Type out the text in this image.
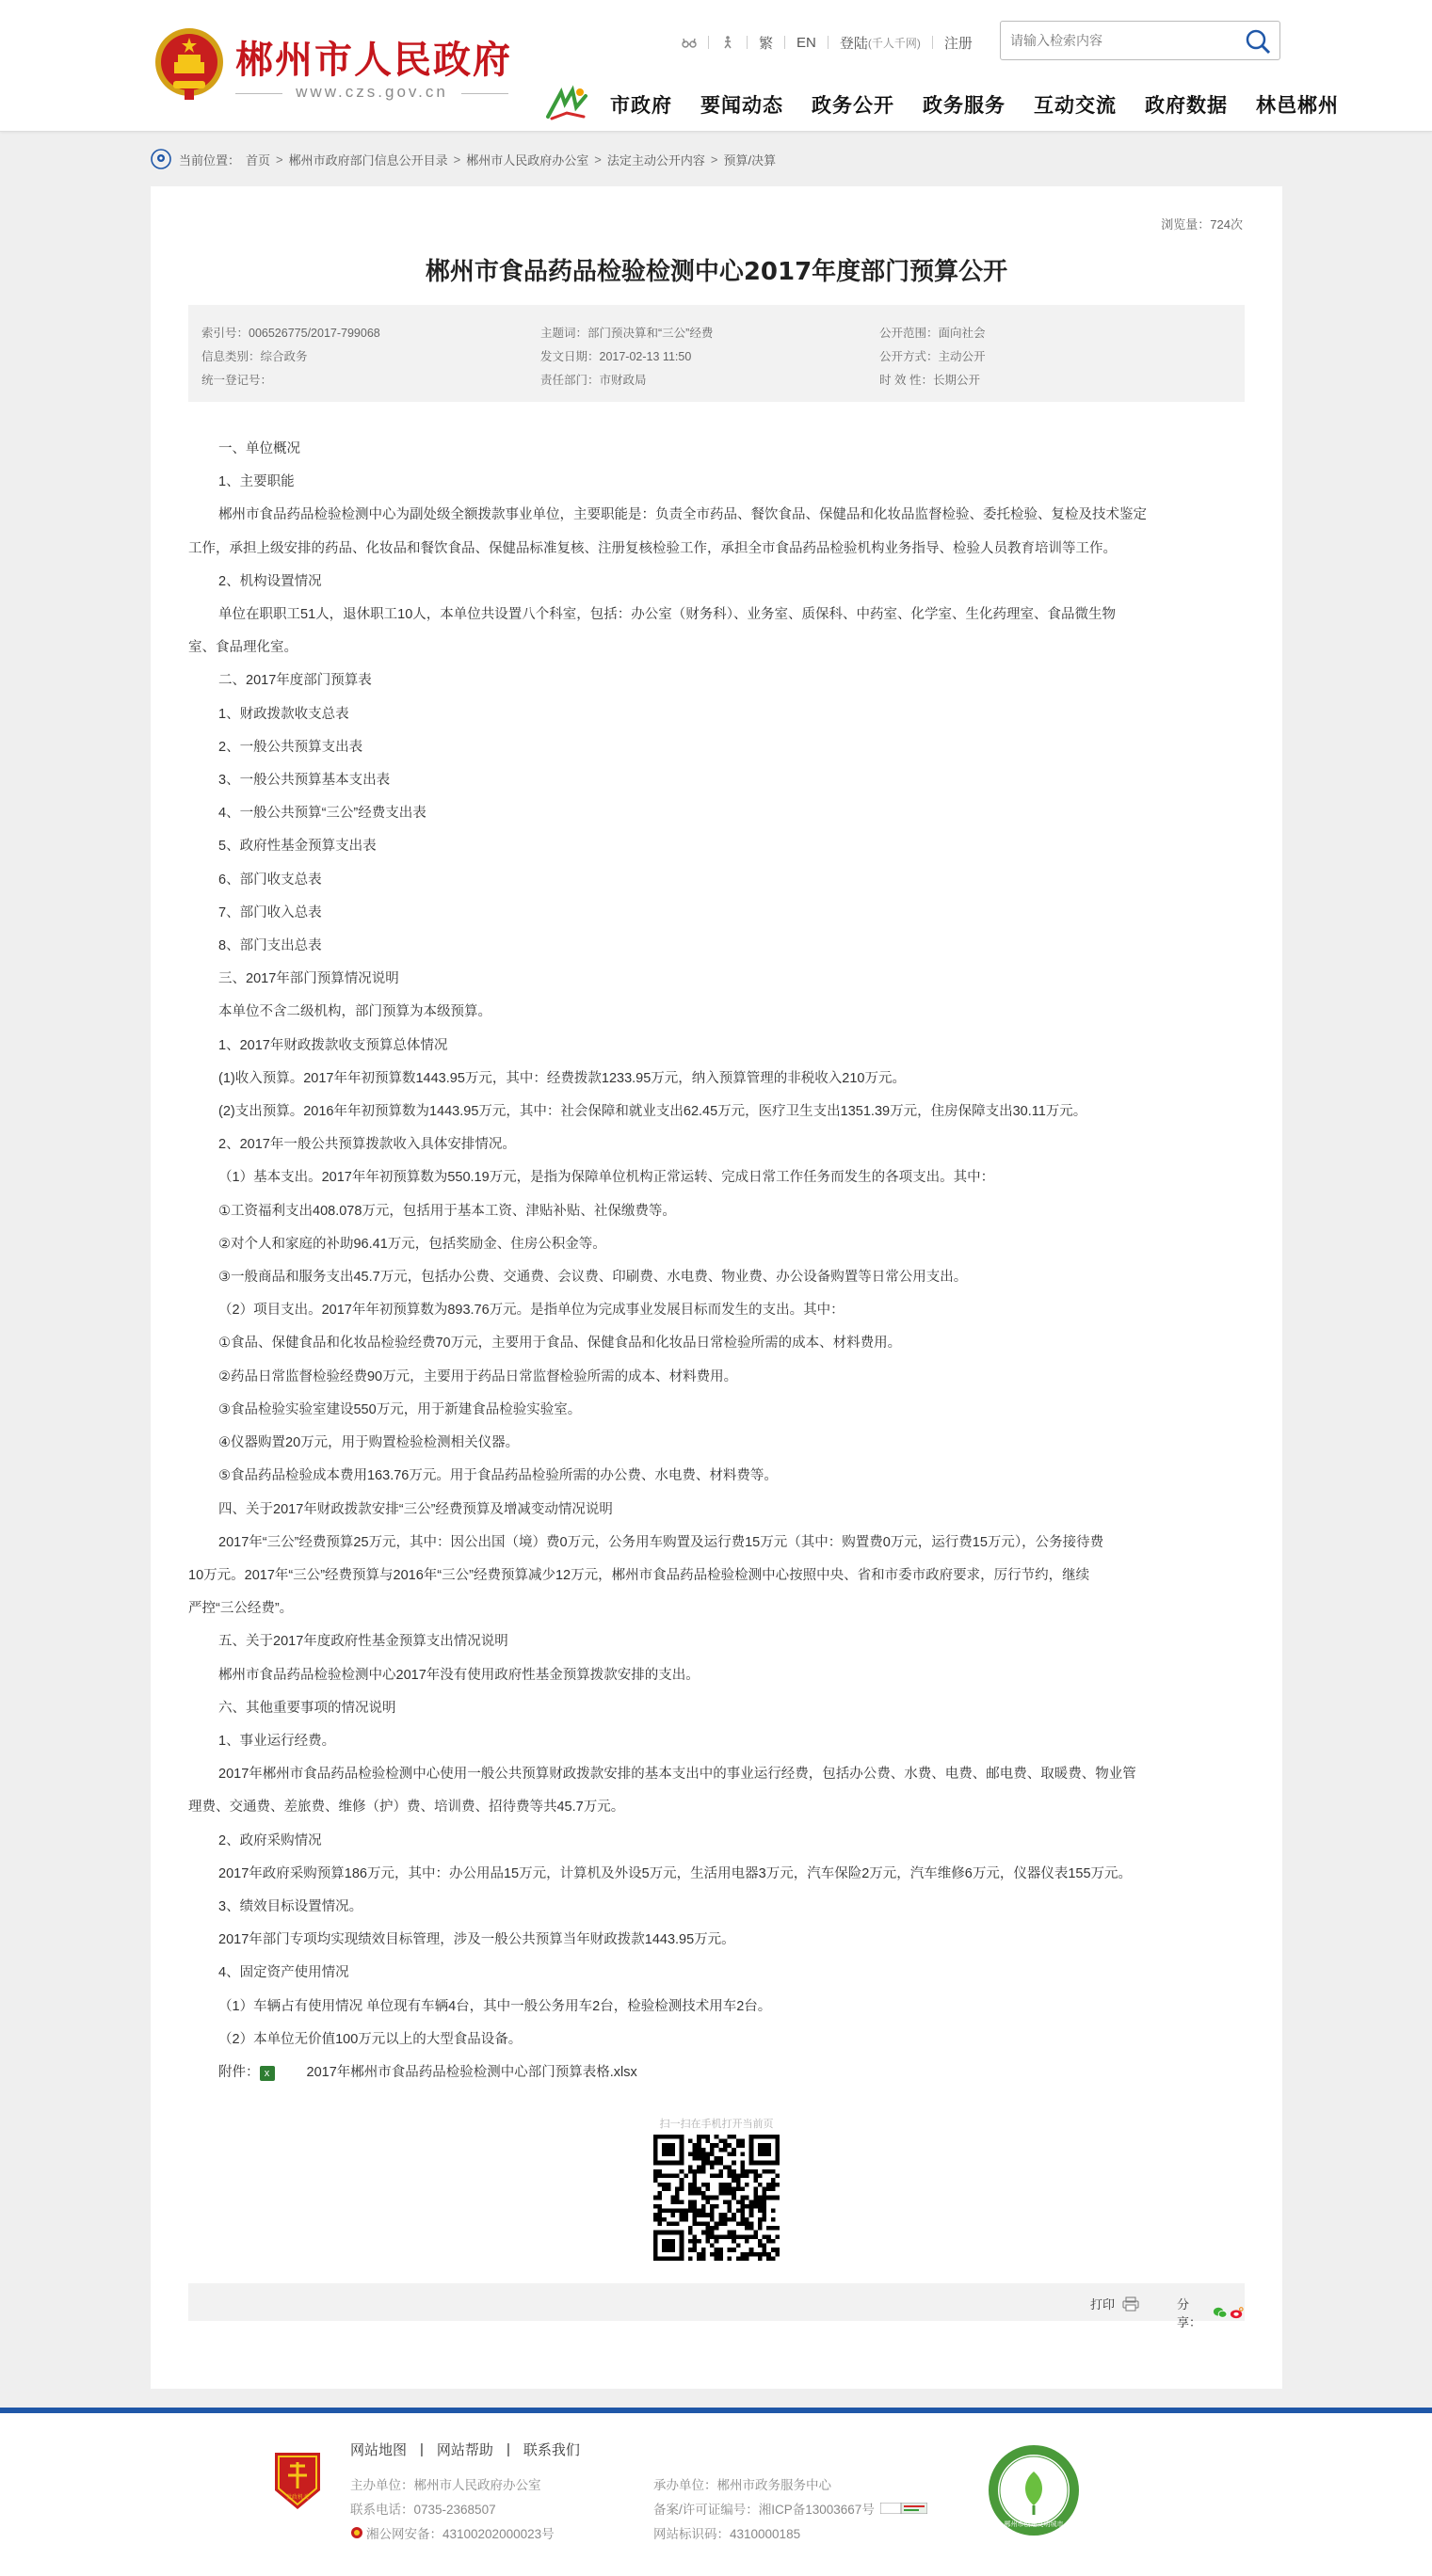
郴州市人民政府
www.czs.gov.cn
繁 EN 登陆 (千人千网) 注册
请输入检索内容
市政府 要闻动态 政务公开 政务服务 互动交流 政府数据 林邑郴州
当前位置： 首页 > 郴州市政府部门信息公开目录 > 郴州市人民政府办公室 > 法定主动公开内容 > 预算/决算
浏览量：724次
郴州市食品药品检验检测中心2017年度部门预算公开
索引号：006526775/2017-799068
信息类别：综合政务
统一登记号：
主题词：部门预决算和“三公”经费
发文日期：2017-02-13 11:50
责任部门：市财政局
公开范围：面向社会
公开方式：主动公开
时 效 性：长期公开

一、单位概况

1、主要职能

郴州市食品药品检验检测中心为副处级全额拨款事业单位，主要职能是：负责全市药品、餐饮食品、保健品和化妆品监督检验、委托检验、复检及技术鉴定

工作，承担上级安排的药品、化妆品和餐饮食品、保健品标准复核、注册复核检验工作，承担全市食品药品检验机构业务指导、检验人员教育培训等工作。

2、机构设置情况

单位在职职工51人，退休职工10人，本单位共设置八个科室，包括：办公室（财务科）、业务室、质保科、中药室、化学室、生化药理室、食品微生物

室、食品理化室。

二、2017年度部门预算表

1、财政拨款收支总表

2、一般公共预算支出表

3、一般公共预算基本支出表

4、一般公共预算“三公”经费支出表

5、政府性基金预算支出表

6、部门收支总表

7、部门收入总表

8、部门支出总表

三、2017年部门预算情况说明

本单位不含二级机构，部门预算为本级预算。

1、2017年财政拨款收支预算总体情况

(1)收入预算。2017年年初预算数1443.95万元，其中：经费拨款1233.95万元，纳入预算管理的非税收入210万元。

(2)支出预算。2016年年初预算数为1443.95万元，其中：社会保障和就业支出62.45万元，医疗卫生支出1351.39万元，住房保障支出30.11万元。

2、2017年一般公共预算拨款收入具体安排情况。

（1）基本支出。2017年年初预算数为550.19万元，是指为保障单位机构正常运转、完成日常工作任务而发生的各项支出。其中：

①工资福利支出408.078万元，包括用于基本工资、津贴补贴、社保缴费等。

②对个人和家庭的补助96.41万元，包括奖励金、住房公积金等。

③一般商品和服务支出45.7万元，包括办公费、交通费、会议费、印刷费、水电费、物业费、办公设备购置等日常公用支出。

（2）项目支出。2017年年初预算数为893.76万元。是指单位为完成事业发展目标而发生的支出。其中：

①食品、保健食品和化妆品检验经费70万元，主要用于食品、保健食品和化妆品日常检验所需的成本、材料费用。

②药品日常监督检验经费90万元，主要用于药品日常监督检验所需的成本、材料费用。

③食品检验实验室建设550万元，用于新建食品检验实验室。

④仪器购置20万元，用于购置检验检测相关仪器。

⑤食品药品检验成本费用163.76万元。用于食品药品检验所需的办公费、水电费、材料费等。

四、关于2017年财政拨款安排“三公”经费预算及增减变动情况说明

2017年“三公”经费预算25万元，其中：因公出国（境）费0万元，公务用车购置及运行费15万元（其中：购置费0万元，运行费15万元），公务接待费

10万元。2017年“三公”经费预算与2016年“三公”经费预算减少12万元，郴州市食品药品检验检测中心按照中央、省和市委市政府要求，厉行节约，继续

严控“三公经费”。

五、关于2017年度政府性基金预算支出情况说明

郴州市食品药品检验检测中心2017年没有使用政府性基金预算拨款安排的支出。

六、其他重要事项的情况说明

1、事业运行经费。

2017年郴州市食品药品检验检测中心使用一般公共预算财政拨款安排的基本支出中的事业运行经费，包括办公费、水费、电费、邮电费、取暖费、物业管

理费、交通费、差旅费、维修（护）费、培训费、招待费等共45.7万元。

2、政府采购情况

2017年政府采购预算186万元，其中：办公用品15万元，计算机及外设5万元，生活用电器3万元，汽车保险2万元，汽车维修6万元，仪器仪表155万元。

3、绩效目标设置情况。

2017年部门专项均实现绩效目标管理，涉及一般公共预算当年财政拨款1443.95万元。

4、固定资产使用情况

（1）车辆占有使用情况 单位现有车辆4台，其中一般公务用车2台，检验检测技术用车2台。

（2）本单位无价值100万元以上的大型食品设备。

附件： x	2017年郴州市食品药品检验检测中心部门预算表格.xlsx

扫一扫在手机打开当前页
打印	分享：
党政机关
网站地图 | 网站帮助 | 联系我们
主办单位：郴州市人民政府办公室
联系电话：0735-2368507
湘公网安备：43100202000023号
承办单位：郴州市政务服务中心
备案/许可证编号：湘ICP备13003667号
网站标识码：4310000185
郴州市创建文明城市
